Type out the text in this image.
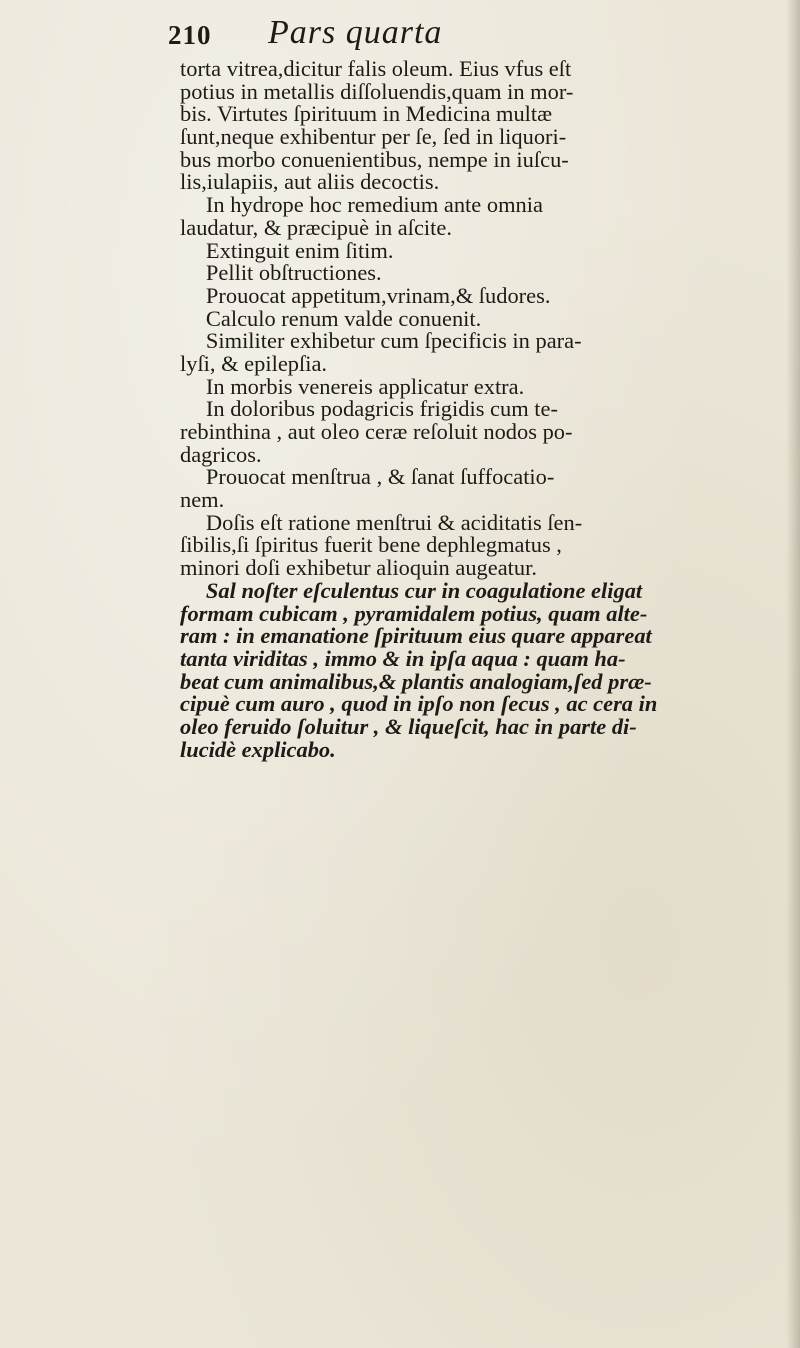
210 Pars quarta
torta vitrea,dicitur falis oleum. Eius vfus eſt
potius in metallis diſſoluendis,quam in mor-
bis. Virtutes ſpirituum in Medicina multæ
ſunt,neque exhibentur per ſe, ſed in liquori-
bus morbo conuenientibus, nempe in iuſcu-
lis,iulapiis, aut aliis decoctis.
In hydrope hoc remedium ante omnia
laudatur, & præcipuè in aſcite.
Extinguit enim ſitim.
Pellit obſtructiones.
Prouocat appetitum,vrinam,& ſudores.
Calculo renum valde conuenit.
Similiter exhibetur cum ſpecificis in para-
lyſi, & epilepſia.
In morbis venereis applicatur extra.
In doloribus podagricis frigidis cum te-
rebinthina , aut oleo ceræ reſoluit nodos po-
dagricos.
Prouocat menſtrua , & ſanat ſuffocatio-
nem.
Doſis eſt ratione menſtrui & aciditatis ſen-
ſibilis,ſi ſpiritus fuerit bene dephlegmatus ,
minori doſi exhibetur alioquin augeatur.
Sal noſter eſculentus cur in coagulatione eligat
formam cubicam , pyramidalem potius, quam alte-
ram : in emanatione ſpirituum eius quare appareat
tanta viriditas , immo & in ipſa aqua : quam ha-
beat cum animalibus,& plantis analogiam,ſed præ-
cipuè cum auro , quod in ipſo non ſecus , ac cera in
oleo feruido ſoluitur , & liqueſcit, hac in parte di-
lucidè explicabo.
